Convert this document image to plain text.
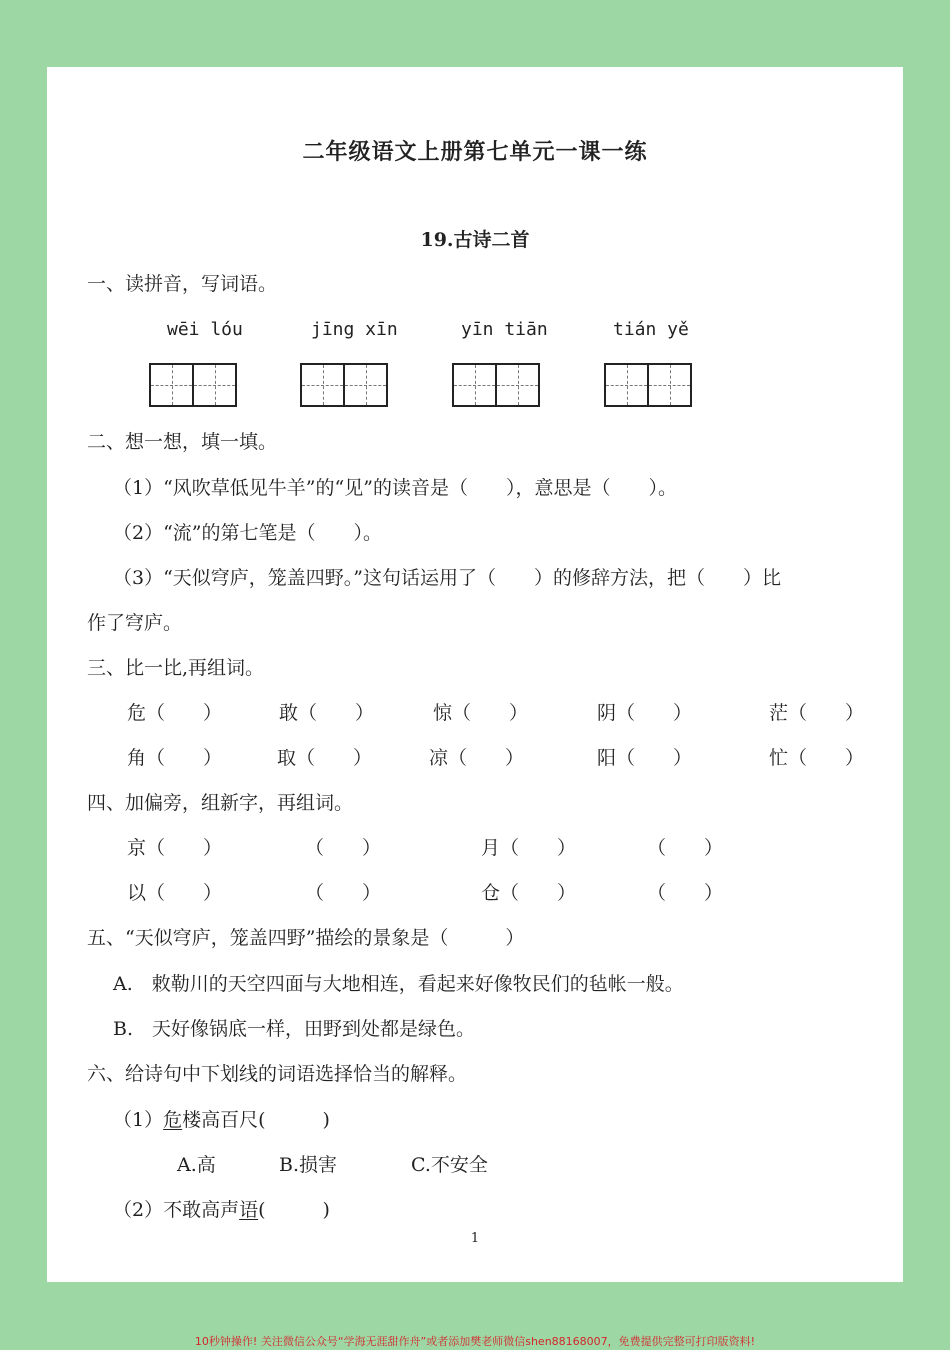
二年级语文上册第七单元一课一练
19.古诗二首
一、读拼音，写词语。
wēi lóu	jīng xīn	yīn tiān	tián yě
二、想一想，填一填。
（1）“风吹草低见牛羊”的“见”的读音是（　　），意思是（　　）。
（2）“流”的第七笔是（　　）。
（3）“天似穹庐，笼盖四野。”这句话运用了（　　）的修辞方法，把（　　）比
作了穹庐。
三、比一比,再组词。
危（　　）	敢（　　）	惊（　　）	阴（　　）	茫（　　）
角（　　）	取（　　）	凉（　　）	阳（　　）	忙（　　）
四、加偏旁，组新字，再组词。
京（　　）	（　　）	月（　　）	（　　）
以（　　）	（　　）	仓（　　）	（　　）
五、“天似穹庐，笼盖四野”描绘的景象是（　　　）
A.　敕勒川的天空四面与大地相连，看起来好像牧民们的毡帐一般。
B.　天好像锅底一样，田野到处都是绿色。
六、给诗句中下划线的词语选择恰当的解释。
（1）危楼高百尺(　　　)
A.高	B.损害	C.不安全
（2）不敢高声语(　　　)
1
10秒钟操作! 关注微信公众号“学海无涯甜作舟”或者添加樊老师微信shen88168007，免费提供完整可打印版资料!
